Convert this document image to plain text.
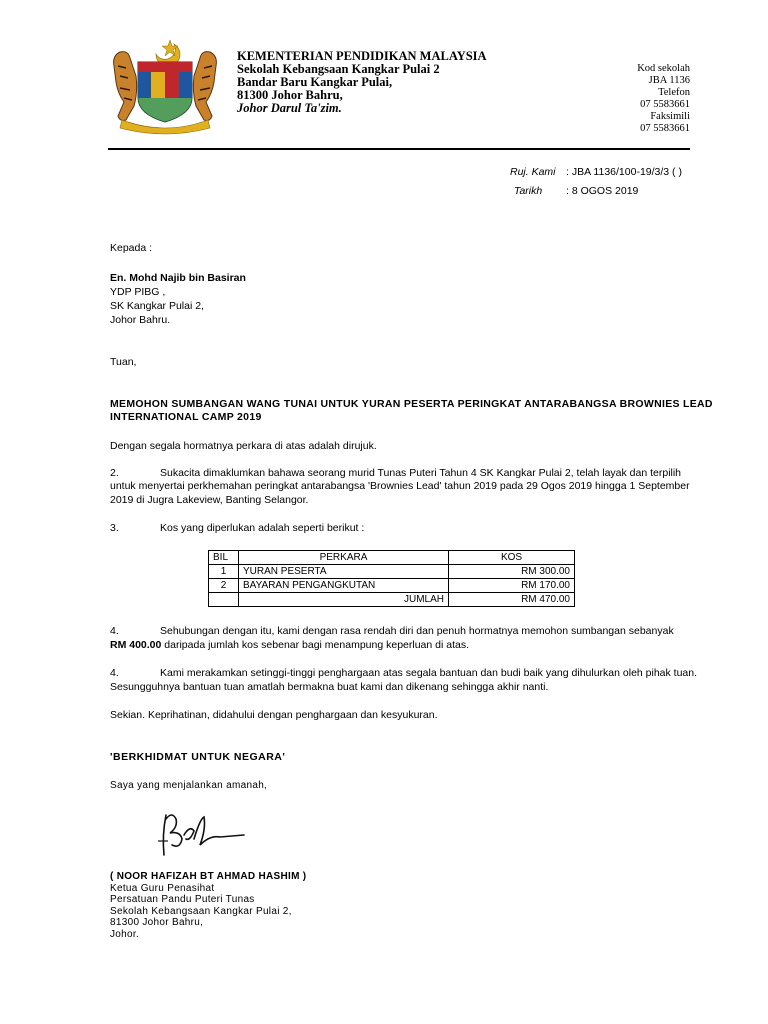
KEMENTERIAN PENDIDIKAN MALAYSIA
Sekolah Kebangsaan Kangkar Pulai 2
Bandar Baru Kangkar Pulai,
81300 Johor Bahru,
Johor Darul Ta'zim.
Kod sekolah
JBA 1136
Telefon
07 5583661
Faksimili
07 5583661
Ruj. Kami : JBA 1136/100-19/3/3 ( )
Tarikh : 8 OGOS 2019
Kepada :
En. Mohd Najib bin Basiran
YDP PIBG ,
SK Kangkar Pulai 2,
Johor Bahru.
Tuan,
MEMOHON SUMBANGAN WANG TUNAI UNTUK YURAN PESERTA PERINGKAT ANTARABANGSA BROWNIES LEAD
INTERNATIONAL CAMP 2019
Dengan segala hormatnya perkara di atas adalah dirujuk.
2.	Sukacita dimaklumkan bahawa seorang murid Tunas Puteri Tahun 4 SK Kangkar Pulai 2, telah layak dan terpilih
untuk menyertai perkhemahan peringkat antarabangsa 'Brownies Lead' tahun 2019 pada 29 Ogos 2019 hingga 1 September
2019 di Jugra Lakeview, Banting Selangor.
3.	Kos yang diperlukan adalah seperti berikut :
BIL	PERKARA	KOS
1	YURAN PESERTA	RM 300.00
2	BAYARAN PENGANGKUTAN	RM 170.00
	JUMLAH	RM 470.00
4.	Sehubungan dengan itu, kami dengan rasa rendah diri dan penuh hormatnya memohon sumbangan sebanyak
RM 400.00 daripada jumlah kos sebenar bagi menampung keperluan di atas.
4.	Kami merakamkan setinggi-tinggi penghargaan atas segala bantuan dan budi baik yang dihulurkan oleh pihak tuan.
Sesungguhnya bantuan tuan amatlah bermakna buat kami dan dikenang sehingga akhir nanti.
Sekian. Keprihatinan, didahului dengan penghargaan dan kesyukuran.
'BERKHIDMAT UNTUK NEGARA'
Saya yang menjalankan amanah,
( NOOR HAFIZAH BT AHMAD HASHIM )
Ketua Guru Penasihat
Persatuan Pandu Puteri Tunas
Sekolah Kebangsaan Kangkar Pulai 2,
81300 Johor Bahru,
Johor.
